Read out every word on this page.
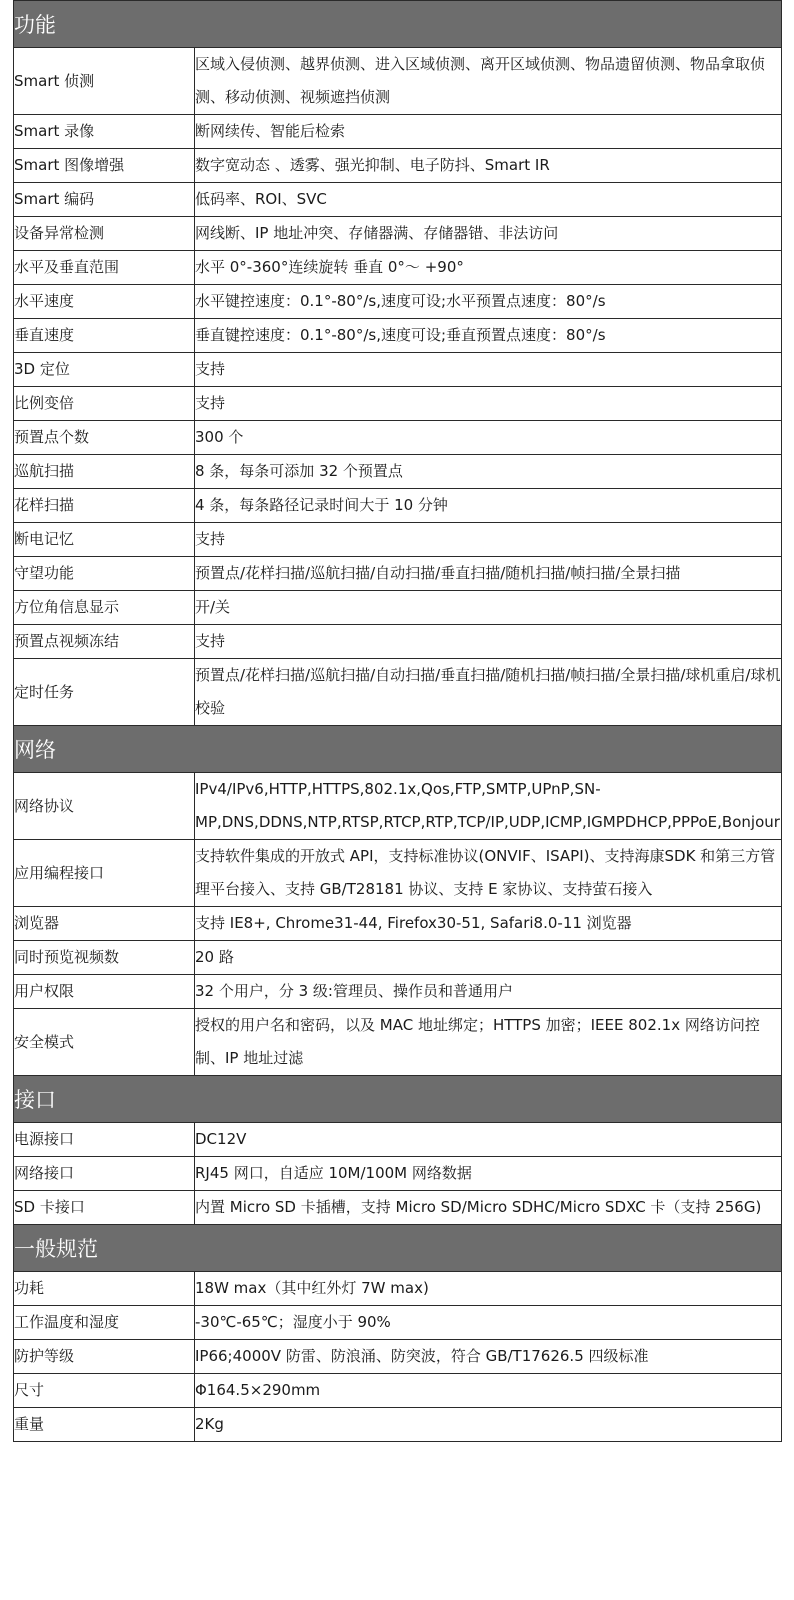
功能	
Smart 侦测	区域入侵侦测、越界侦测、进入区域侦测、离开区域侦测、物品遗留侦测、物品拿取侦测、移动侦测、视频遮挡侦测
Smart 录像	断网续传、智能后检索
Smart 图像增强	数字宽动态 、透雾、强光抑制、电子防抖、Smart IR
Smart 编码	低码率、ROI、SVC
设备异常检测	网线断、IP 地址冲突、存储器满、存储器错、非法访问
水平及垂直范围	水平 0°-360°连续旋转 垂直 0°～ +90°
水平速度	水平键控速度：0.1°-80°/s,速度可设;水平预置点速度：80°/s
垂直速度	垂直键控速度：0.1°-80°/s,速度可设;垂直预置点速度：80°/s
3D 定位	支持
比例变倍	支持
预置点个数	300 个
巡航扫描	8 条，每条可添加 32 个预置点
花样扫描	4 条，每条路径记录时间大于 10 分钟
断电记忆	支持
守望功能	预置点/花样扫描/巡航扫描/自动扫描/垂直扫描/随机扫描/帧扫描/全景扫描
方位角信息显示	开/关
预置点视频冻结	支持
定时任务	预置点/花样扫描/巡航扫描/自动扫描/垂直扫描/随机扫描/帧扫描/全景扫描/球机重启/球机校验
网络	
网络协议	IPv4/IPv6,HTTP,HTTPS,802.1x,Qos,FTP,SMTP,UPnP,SN-MP,DNS,DDNS,NTP,RTSP,RTCP,RTP,TCP/IP,UDP,ICMP,IGMPDHCP,PPPoE,Bonjour
应用编程接口	支持软件集成的开放式 API，支持标准协议(ONVIF、ISAPI)、支持海康SDK 和第三方管理平台接入、支持 GB/T28181 协议、支持 E 家协议、支持萤石接入
浏览器	支持 IE8+, Chrome31-44, Firefox30-51, Safari8.0-11 浏览器
同时预览视频数	20 路
用户权限	32 个用户，分 3 级:管理员、操作员和普通用户
安全模式	授权的用户名和密码，以及 MAC 地址绑定；HTTPS 加密；IEEE 802.1x 网络访问控制、IP 地址过滤
接口	
电源接口	DC12V
网络接口	RJ45 网口，自适应 10M/100M 网络数据
SD 卡接口	内置 Micro SD 卡插槽，支持 Micro SD/Micro SDHC/Micro SDXC 卡（支持 256G)
一般规范	
功耗	18W max（其中红外灯 7W max)
工作温度和湿度	-30℃-65℃；湿度小于 90%
防护等级	IP66;4000V 防雷、防浪涌、防突波，符合 GB/T17626.5 四级标准
尺寸	Φ164.5×290mm
重量	2Kg
